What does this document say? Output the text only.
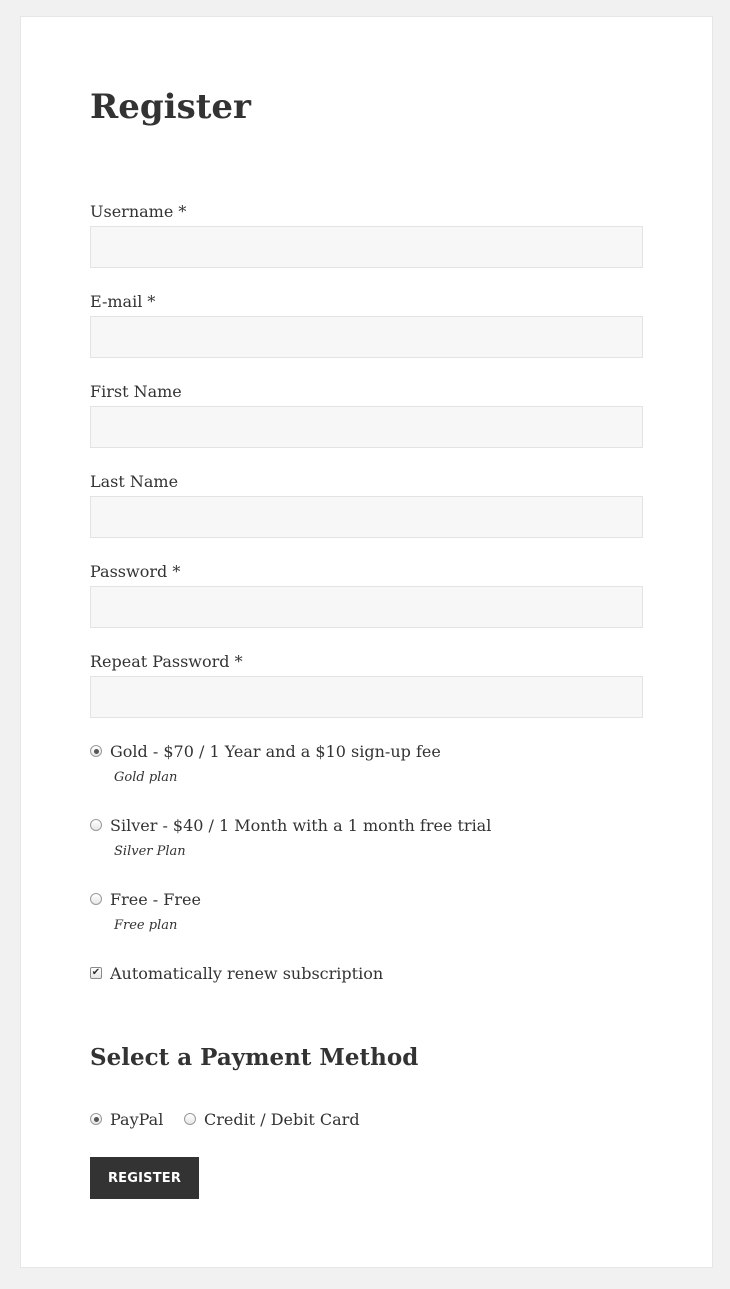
Register
Username *
E-mail *
First Name
Last Name
Password *
Repeat Password *
Gold - $70 / 1 Year and a $10 sign-up fee
Gold plan
Silver - $40 / 1 Month with a 1 month free trial
Silver Plan
Free - Free
Free plan
✔ Automatically renew subscription
Select a Payment Method
PayPal	Credit / Debit Card
REGISTER
